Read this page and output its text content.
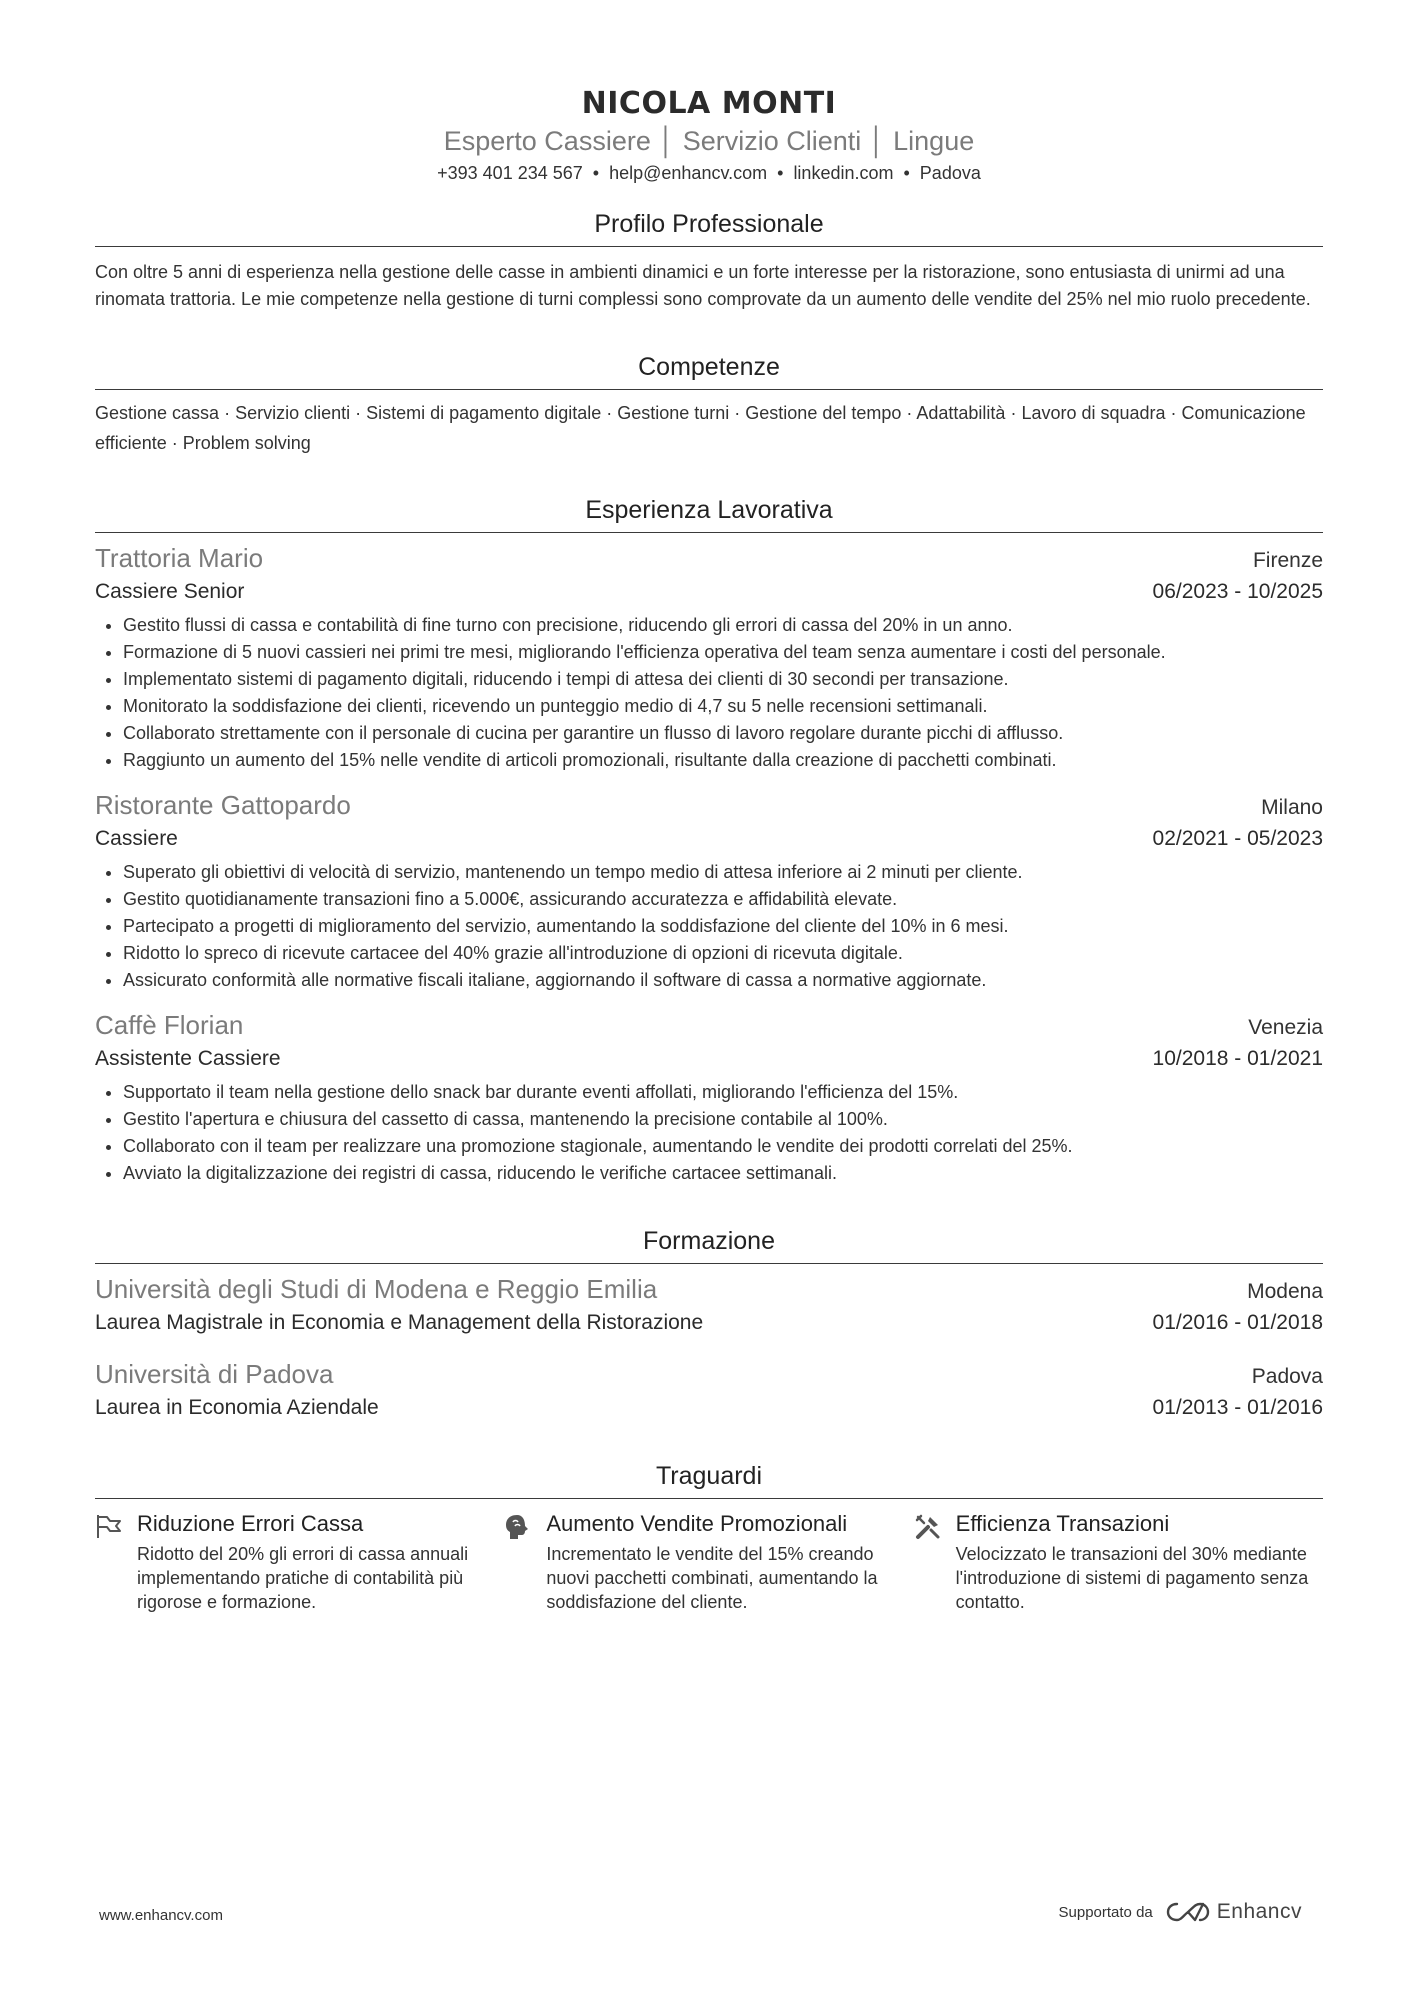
NICOLA MONTI
Esperto Cassiere │ Servizio Clienti │ Lingue
+393 401 234 567 • help@enhancv.com • linkedin.com • Padova
Profilo Professionale
Con oltre 5 anni di esperienza nella gestione delle casse in ambienti dinamici e un forte interesse per la ristorazione, sono entusiasta di unirmi ad una rinomata trattoria. Le mie competenze nella gestione di turni complessi sono comprovate da un aumento delle vendite del 25% nel mio ruolo precedente.
Competenze
Gestione cassa · Servizio clienti · Sistemi di pagamento digitale · Gestione turni · Gestione del tempo · Adattabilità · Lavoro di squadra · Comunicazione efficiente · Problem solving
Esperienza Lavorativa
Trattoria Mario	Firenze
Cassiere Senior	06/2023 - 10/2025
• Gestito flussi di cassa e contabilità di fine turno con precisione, riducendo gli errori di cassa del 20% in un anno.
• Formazione di 5 nuovi cassieri nei primi tre mesi, migliorando l'efficienza operativa del team senza aumentare i costi del personale.
• Implementato sistemi di pagamento digitali, riducendo i tempi di attesa dei clienti di 30 secondi per transazione.
• Monitorato la soddisfazione dei clienti, ricevendo un punteggio medio di 4,7 su 5 nelle recensioni settimanali.
• Collaborato strettamente con il personale di cucina per garantire un flusso di lavoro regolare durante picchi di afflusso.
• Raggiunto un aumento del 15% nelle vendite di articoli promozionali, risultante dalla creazione di pacchetti combinati.
Ristorante Gattopardo	Milano
Cassiere	02/2021 - 05/2023
• Superato gli obiettivi di velocità di servizio, mantenendo un tempo medio di attesa inferiore ai 2 minuti per cliente.
• Gestito quotidianamente transazioni fino a 5.000€, assicurando accuratezza e affidabilità elevate.
• Partecipato a progetti di miglioramento del servizio, aumentando la soddisfazione del cliente del 10% in 6 mesi.
• Ridotto lo spreco di ricevute cartacee del 40% grazie all'introduzione di opzioni di ricevuta digitale.
• Assicurato conformità alle normative fiscali italiane, aggiornando il software di cassa a normative aggiornate.
Caffè Florian	Venezia
Assistente Cassiere	10/2018 - 01/2021
• Supportato il team nella gestione dello snack bar durante eventi affollati, migliorando l'efficienza del 15%.
• Gestito l'apertura e chiusura del cassetto di cassa, mantenendo la precisione contabile al 100%.
• Collaborato con il team per realizzare una promozione stagionale, aumentando le vendite dei prodotti correlati del 25%.
• Avviato la digitalizzazione dei registri di cassa, riducendo le verifiche cartacee settimanali.
Formazione
Università degli Studi di Modena e Reggio Emilia	Modena
Laurea Magistrale in Economia e Management della Ristorazione	01/2016 - 01/2018
Università di Padova	Padova
Laurea in Economia Aziendale	01/2013 - 01/2016
Traguardi
Riduzione Errori Cassa
Ridotto del 20% gli errori di cassa annuali implementando pratiche di contabilità più rigorose e formazione.
Aumento Vendite Promozionali
Incrementato le vendite del 15% creando nuovi pacchetti combinati, aumentando la soddisfazione del cliente.
Efficienza Transazioni
Velocizzato le transazioni del 30% mediante l'introduzione di sistemi di pagamento senza contatto.
www.enhancv.com	Supportato da	Enhancv
